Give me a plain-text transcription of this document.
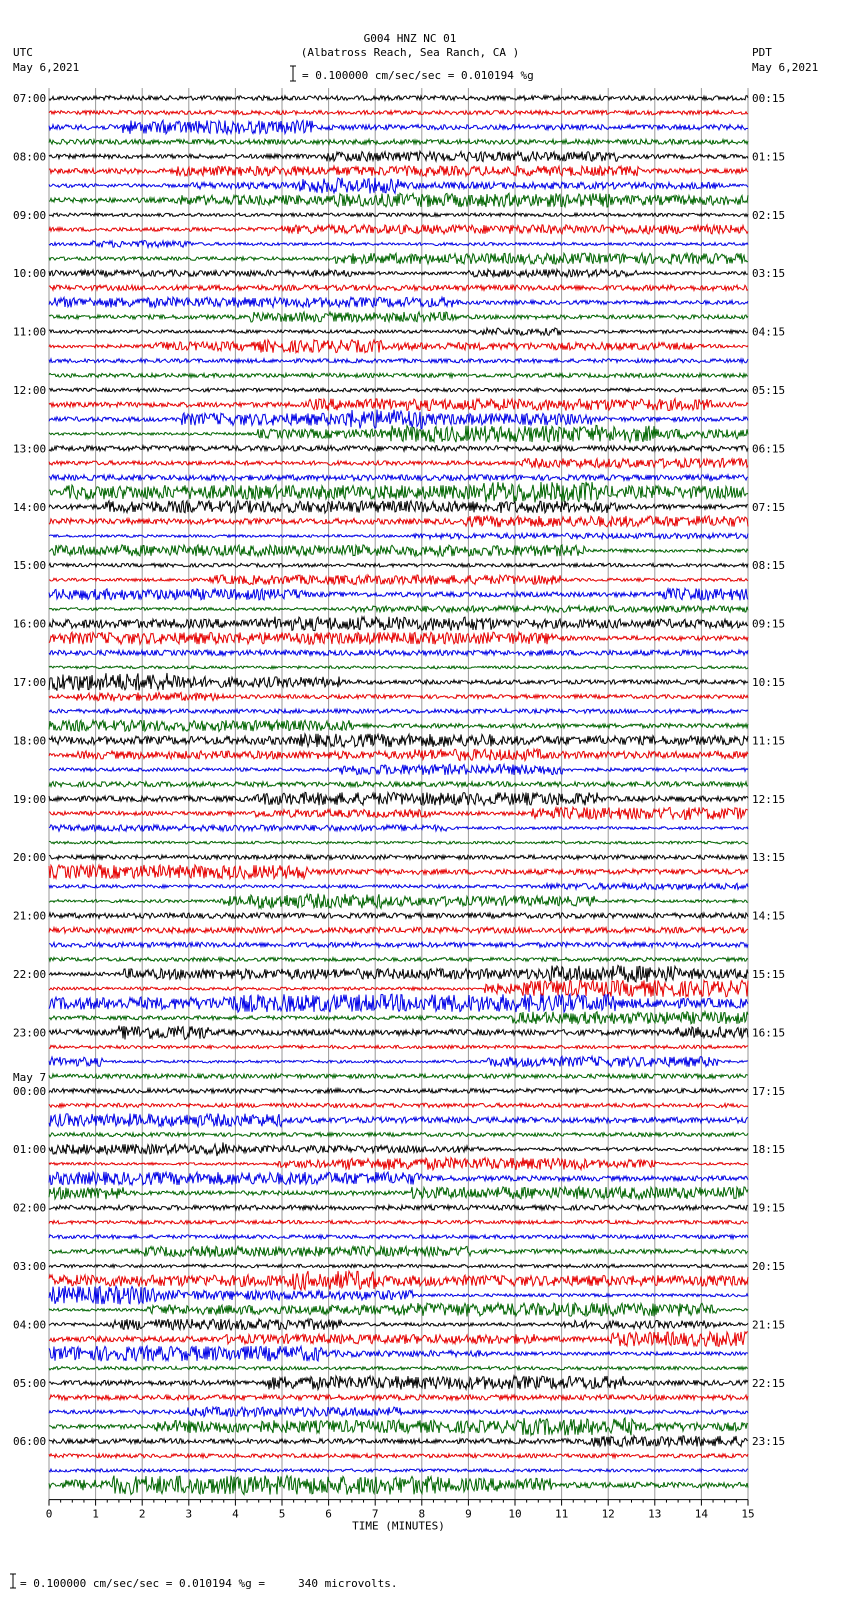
0	1	2	3	4	5	6	7	8	9	10	11	12	13	14	15
TIME (MINUTES)
07:00	00:15
08:00	01:15
09:00	02:15
10:00	03:15
11:00	04:15
12:00	05:15
13:00	06:15
14:00	07:15
15:00	08:15
16:00	09:15
17:00	10:15
18:00	11:15
19:00	12:15
20:00	13:15
21:00	14:15
22:00	15:15
23:00	16:15
00:00	17:15
May 7
01:00	18:15
02:00	19:15
03:00	20:15
04:00	21:15
05:00	22:15
06:00	23:15
G004 HNZ NC 01
(Albatross Reach, Sea Ranch, CA )
= 0.100000 cm/sec/sec = 0.010194 %g
UTC
May 6,2021
PDT
May 6,2021
= 0.100000 cm/sec/sec = 0.010194 %g =     340 microvolts.
